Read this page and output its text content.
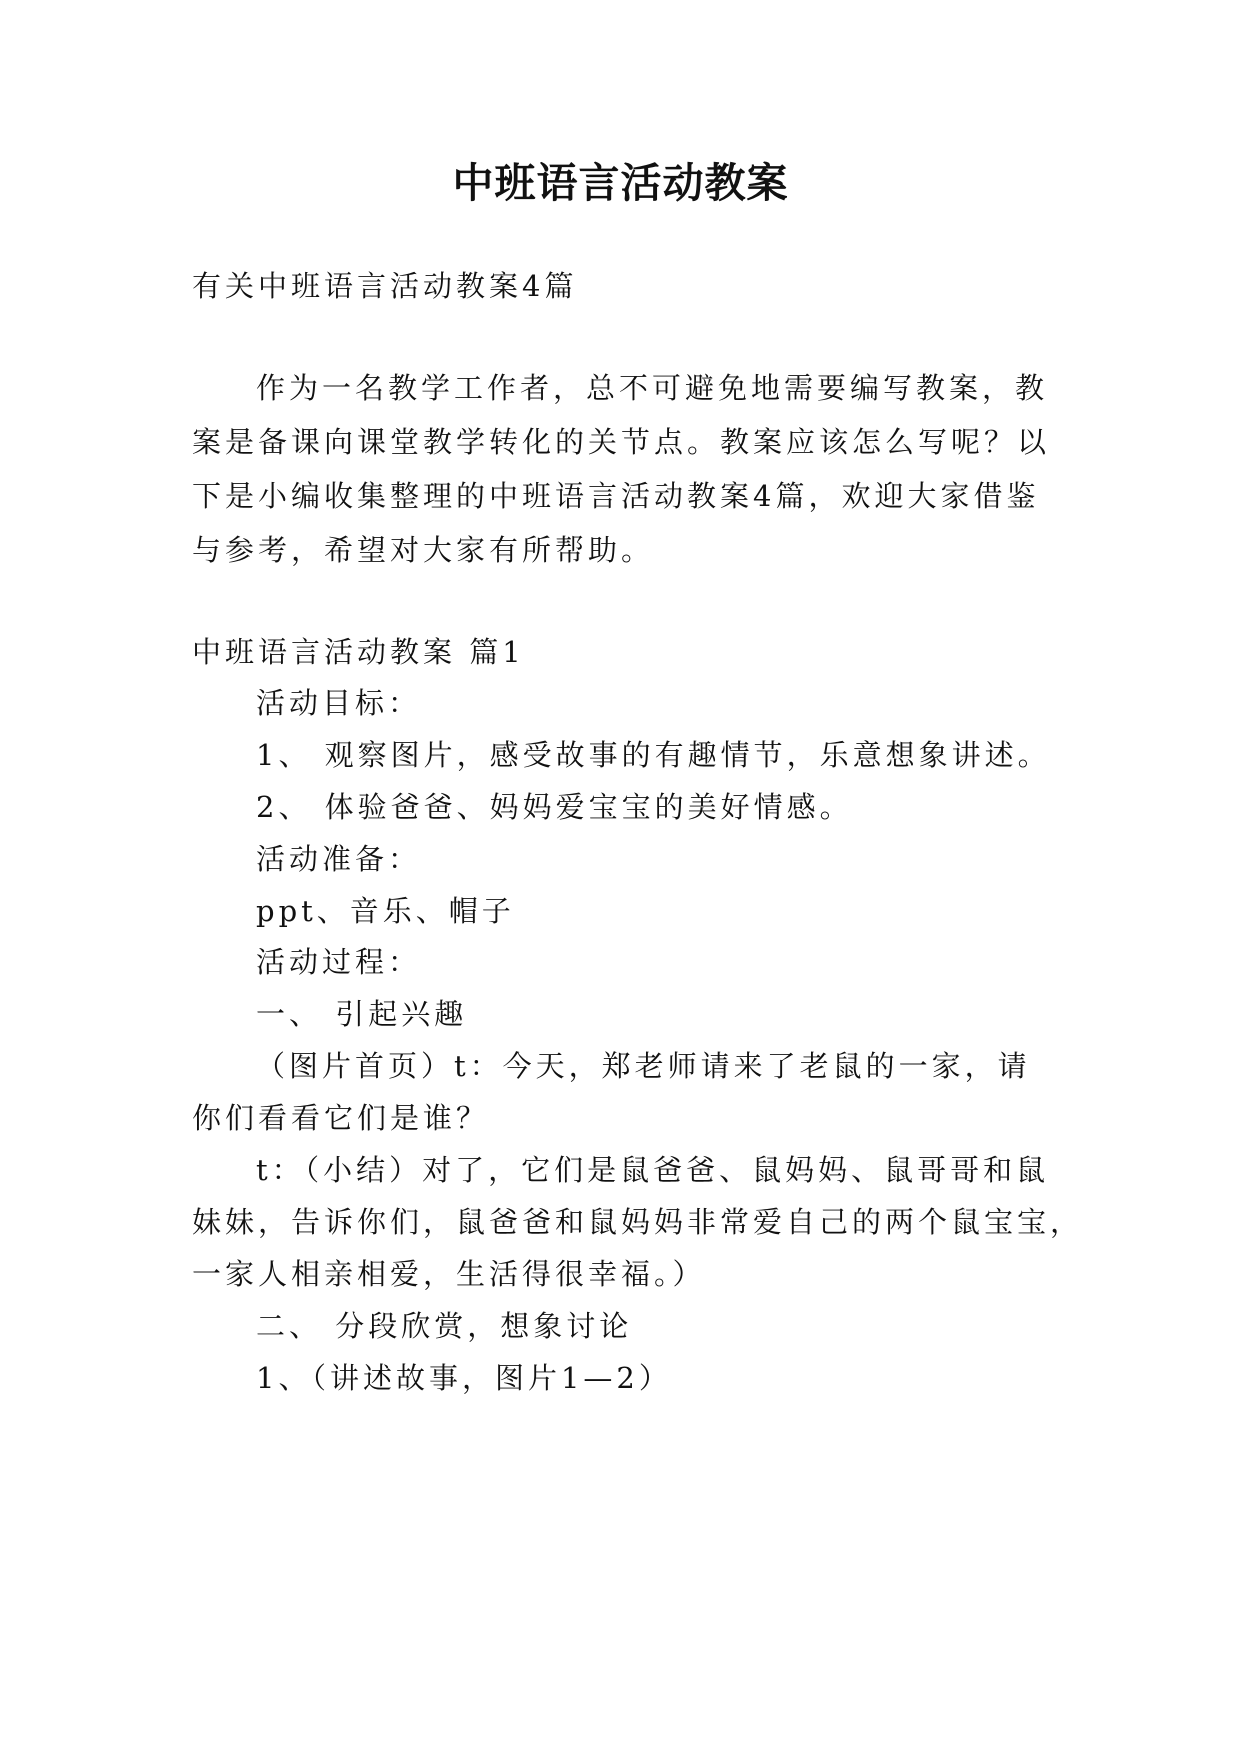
中班语言活动教案
有关中班语言活动教案4篇
作为一名教学工作者，总不可避免地需要编写教案，教
案是备课向课堂教学转化的关节点。教案应该怎么写呢？以
下是小编收集整理的中班语言活动教案4篇，欢迎大家借鉴
与参考，希望对大家有所帮助。
中班语言活动教案 篇1
活动目标：
1、 观察图片，感受故事的有趣情节，乐意想象讲述。
2、 体验爸爸、妈妈爱宝宝的美好情感。
活动准备：
ppt、音乐、帽子
活动过程：
一、 引起兴趣
（图片首页）t：今天，郑老师请来了老鼠的一家，请
你们看看它们是谁？
t：（小结）对了，它们是鼠爸爸、鼠妈妈、鼠哥哥和鼠
妹妹，告诉你们，鼠爸爸和鼠妈妈非常爱自己的两个鼠宝宝，
一家人相亲相爱，生活得很幸福。）
二、 分段欣赏，想象讨论
1、（讲述故事，图片1—2）
